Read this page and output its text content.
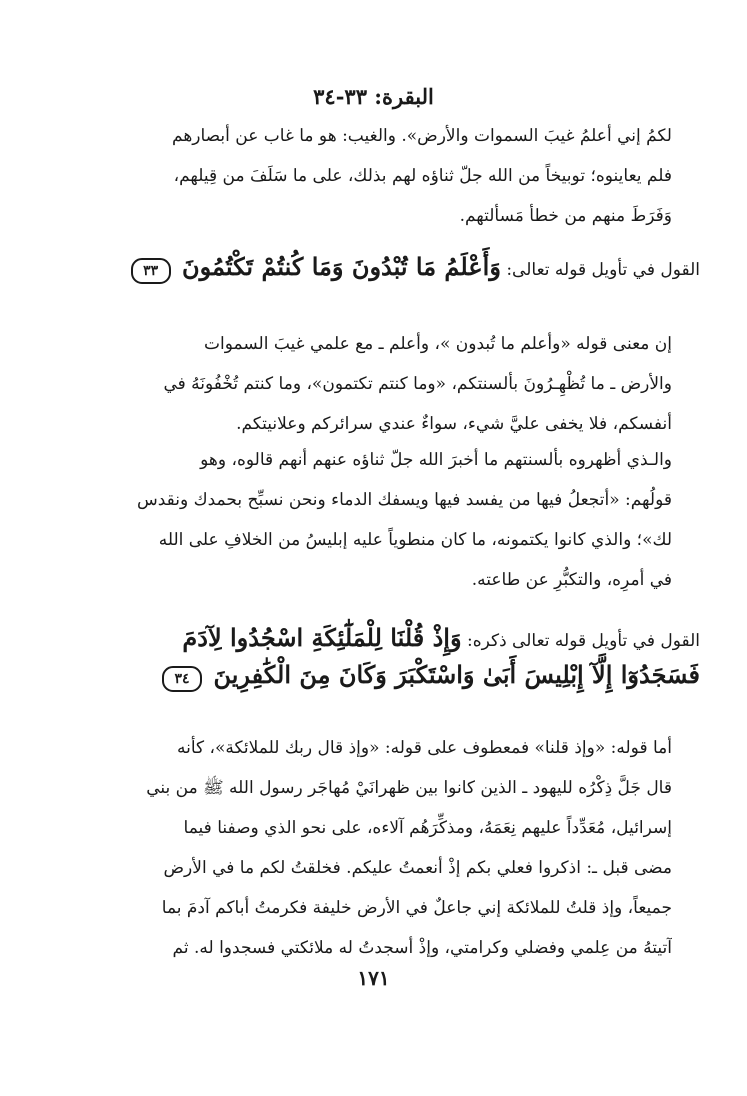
البقرة: ٣٣-٣٤
لكمُ إني أعلمُ غيبَ السموات والأرض». والغيب: هو ما غاب عن أبصارهم
فلم يعاينوه؛ توبيخاً من الله جلّ ثناؤه لهم بذلك، على ما سَلَفَ من قِيلهم،
وَفَرَطَ منهم من خطأ مَسألتهم.
القول في تأويل قوله تعالى: وَأَعْلَمُ مَا تُبْدُونَ وَمَا كُنتُمْ تَكْتُمُونَ ٣٣
إن معنى قوله «وأعلم ما تُبدون »، وأعلم ـ مع علمي غيبَ السموات
والأرض ـ ما تُظْهِـرُونَ بألسنتكم، «وما كنتم تكتمون»، وما كنتم تُخْفُونَهُ في
أنفسكم، فلا يخفى عليَّ شيء، سواءٌ عندي سرائركم وعلانيتكم.
والـذي أظهروه بألسنتهم ما أخبرَ الله جلّ ثناؤه عنهم أنهم قالوه، وهو
قولُهم: «أتجعلُ فيها من يفسد فيها ويسفك الدماء ونحن نسبِّح بحمدك ونقدس
لك»؛ والذي كانوا يكتمونه، ما كان منطوياً عليه إبليسُ من الخلافِ على الله
في أمرِه، والتكبُّرِ عن طاعته.
القول في تأويل قوله تعالى ذكره: وَإِذْ قُلْنَا لِلْمَلَٰٓئِكَةِ اسْجُدُوا لِآدَمَ
فَسَجَدُوٓا إِلَّآ إِبْلِيسَ أَبَىٰ وَاسْتَكْبَرَ وَكَانَ مِنَ الْكَٰفِرِينَ ٣٤
أما قوله: «وإذ قلنا» فمعطوف على قوله: «وإذ قال ربك للملائكة»، كأنه
قال جَلَّ ذِكْرُه لليهود ـ الذين كانوا بين ظهرانَيْ مُهاجَر رسول الله ﷺ من بني
إسرائيل، مُعَدِّداً عليهم نِعَمَهُ، ومذكِّرَهُم آلاءه، على نحو الذي وصفنا فيما
مضى قبل ـ: اذكروا فعلي بكم إذْ أنعمتُ عليكم. فخلقتُ لكم ما في الأرض
جميعاً، وإذ قلتُ للملائكة إني جاعلٌ في الأرض خليفة فكرمتُ أباكم آدمَ بما
آتيتهُ من عِلمي وفضلي وكرامتي، وإذْ أسجدتُ له ملائكتي فسجدوا له. ثم
١٧١
